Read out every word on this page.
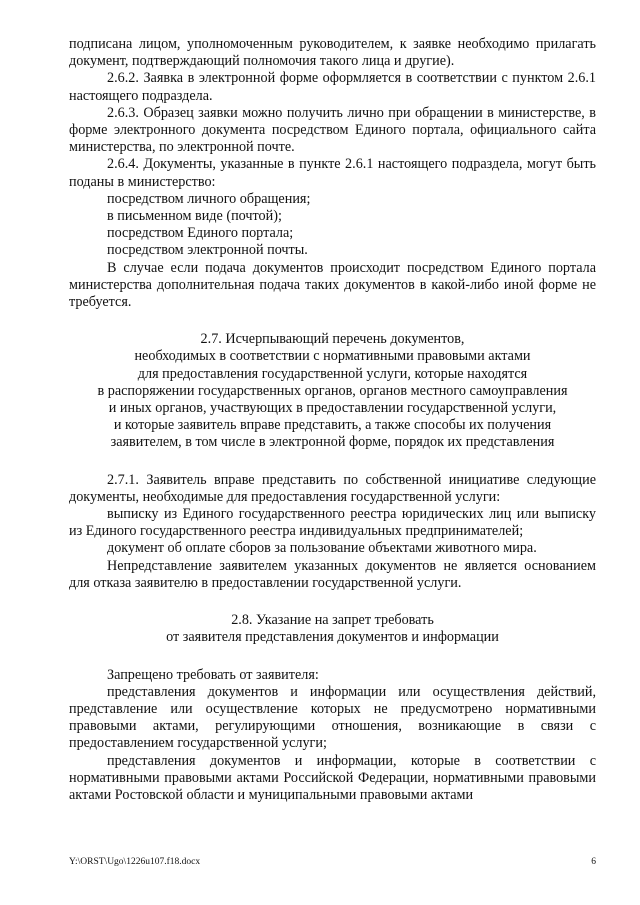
подписана лицом, уполномоченным руководителем, к заявке необходимо прилагать документ, подтверждающий полномочия такого лица и другие).

2.6.2. Заявка в электронной форме оформляется в соответствии с пунктом 2.6.1 настоящего подраздела.

2.6.3. Образец заявки можно получить лично при обращении в министерстве, в форме электронного документа посредством Единого портала, официального сайта министерства, по электронной почте.

2.6.4. Документы, указанные в пункте 2.6.1 настоящего подраздела, могут быть поданы в министерство:

посредством личного обращения;

в письменном виде (почтой);

посредством Единого портала;

посредством электронной почты.

В случае если подача документов происходит посредством Единого портала министерства дополнительная подача таких документов в какой-либо иной форме не требуется.

2.7. Исчерпывающий перечень документов,

необходимых в соответствии с нормативными правовыми актами

для предоставления государственной услуги, которые находятся

в распоряжении государственных органов, органов местного самоуправления

и иных органов, участвующих в предоставлении государственной услуги,

и которые заявитель вправе представить, а также способы их получения

заявителем, в том числе в электронной форме, порядок их представления

2.7.1. Заявитель вправе представить по собственной инициативе следующие документы, необходимые для предоставления государственной услуги:

выписку из Единого государственного реестра юридических лиц или выписку из Единого государственного реестра индивидуальных предпринимателей;

документ об оплате сборов за пользование объектами животного мира.

Непредставление заявителем указанных документов не является основанием для отказа заявителю в предоставлении государственной услуги.

2.8. Указание на запрет требовать

от заявителя представления документов и информации

Запрещено требовать от заявителя:

представления документов и информации или осуществления действий, представление или осуществление которых не предусмотрено нормативными правовыми актами, регулирующими отношения, возникающие в связи с предоставлением государственной услуги;

представления документов и информации, которые в соответствии с нормативными правовыми актами Российской Федерации, нормативными правовыми актами Ростовской области и муниципальными правовыми актами

Y:\ORST\Ugo\1226u107.f18.docx	6
